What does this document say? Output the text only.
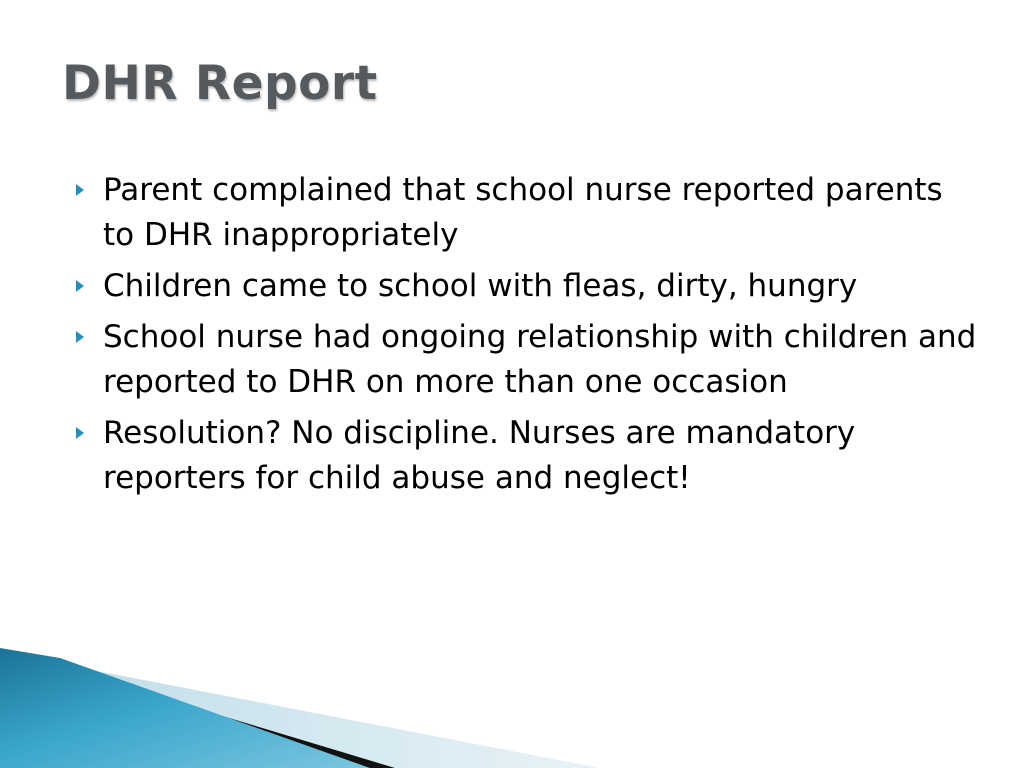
DHR Report
Parent complained that school nurse reported parents to DHR inappropriately
Children came to school with fleas, dirty, hungry
School nurse had ongoing relationship with children and reported to DHR on more than one occasion
Resolution? No discipline. Nurses are mandatory reporters for child abuse and neglect!
